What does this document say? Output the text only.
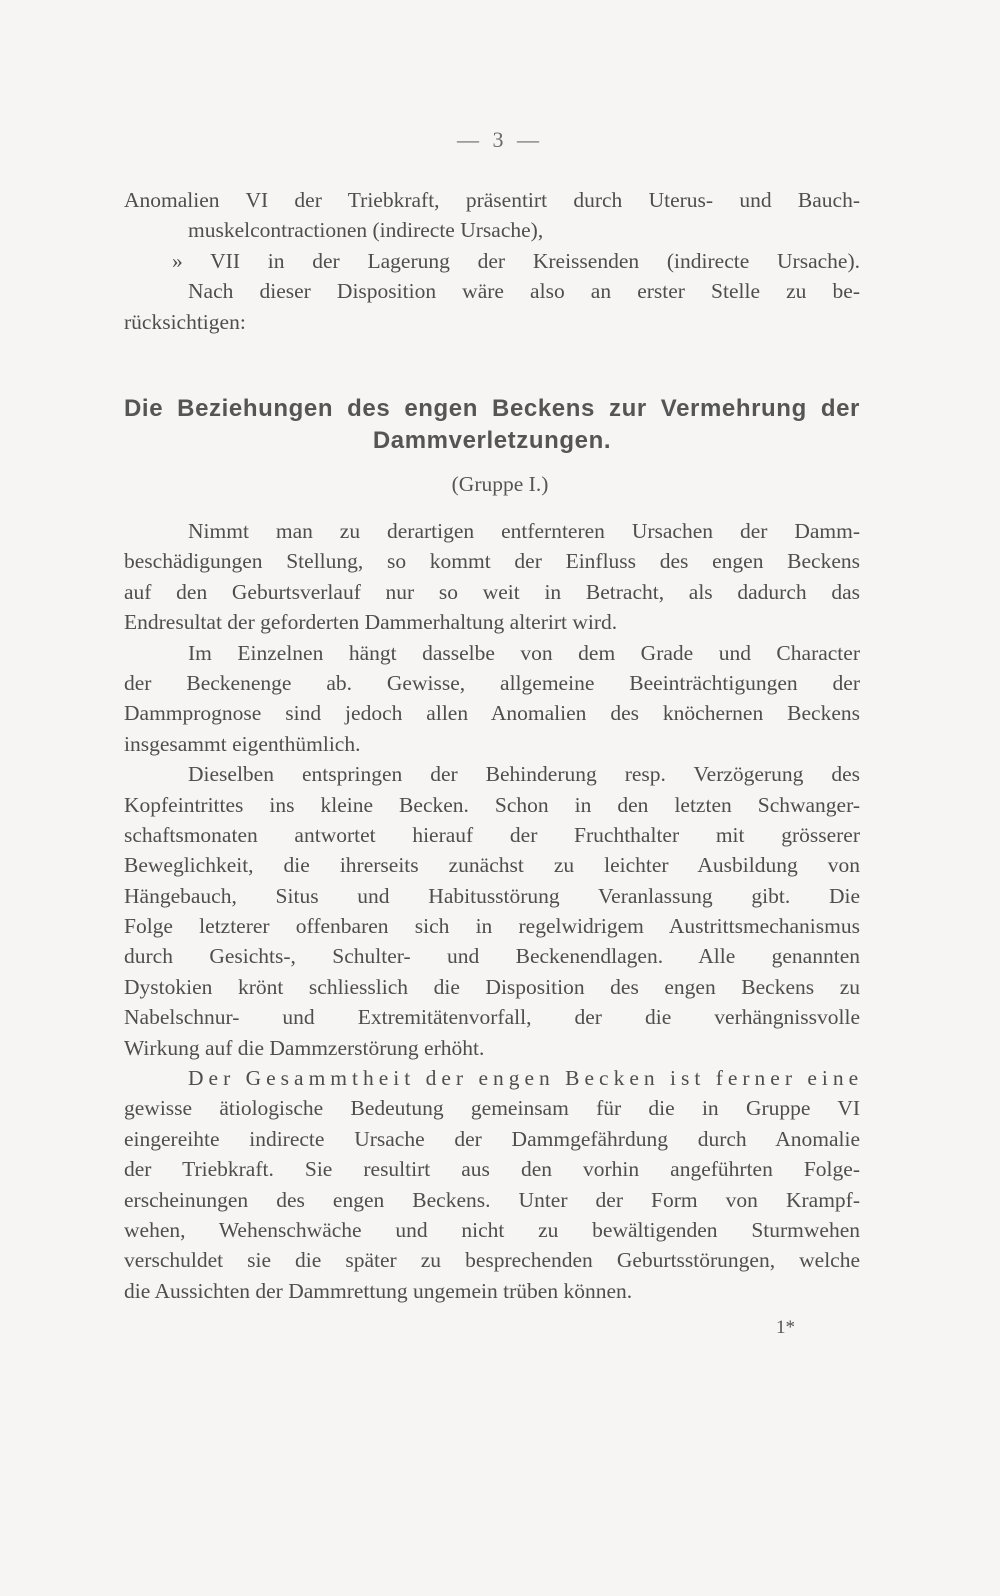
— 3 —
Anomalien VI der Triebkraft, präsentirt durch Uterus- und Bauch-
muskelcontractionen (indirecte Ursache),
» VII in der Lagerung der Kreissenden (indirecte Ursache).
Nach dieser Disposition wäre also an erster Stelle zu be-
rücksichtigen:
Die Beziehungen des engen Beckens zur Vermehrung der
Dammverletzungen.
(Gruppe I.)
Nimmt man zu derartigen entfernteren Ursachen der Damm-
beschädigungen Stellung, so kommt der Einfluss des engen Beckens
auf den Geburtsverlauf nur so weit in Betracht, als dadurch das
Endresultat der geforderten Dammerhaltung alterirt wird.
Im Einzelnen hängt dasselbe von dem Grade und Character
der Beckenenge ab. Gewisse, allgemeine Beeinträchtigungen der
Dammprognose sind jedoch allen Anomalien des knöchernen Beckens
insgesammt eigenthümlich.
Dieselben entspringen der Behinderung resp. Verzögerung des
Kopfeintrittes ins kleine Becken. Schon in den letzten Schwanger-
schaftsmonaten antwortet hierauf der Fruchthalter mit grösserer
Beweglichkeit, die ihrerseits zunächst zu leichter Ausbildung von
Hängebauch, Situs und Habitusstörung Veranlassung gibt. Die
Folge letzterer offenbaren sich in regelwidrigem Austrittsmechanismus
durch Gesichts-, Schulter- und Beckenendlagen. Alle genannten
Dystokien krönt schliesslich die Disposition des engen Beckens zu
Nabelschnur- und Extremitätenvorfall, der die verhängnissvolle
Wirkung auf die Dammzerstörung erhöht.
Der Gesammtheit der engen Becken ist ferner eine
gewisse ätiologische Bedeutung gemeinsam für die in Gruppe VI
eingereihte indirecte Ursache der Dammgefährdung durch Anomalie
der Triebkraft. Sie resultirt aus den vorhin angeführten Folge-
erscheinungen des engen Beckens. Unter der Form von Krampf-
wehen, Wehenschwäche und nicht zu bewältigenden Sturmwehen
verschuldet sie die später zu besprechenden Geburtsstörungen, welche
die Aussichten der Dammrettung ungemein trüben können.
1*
